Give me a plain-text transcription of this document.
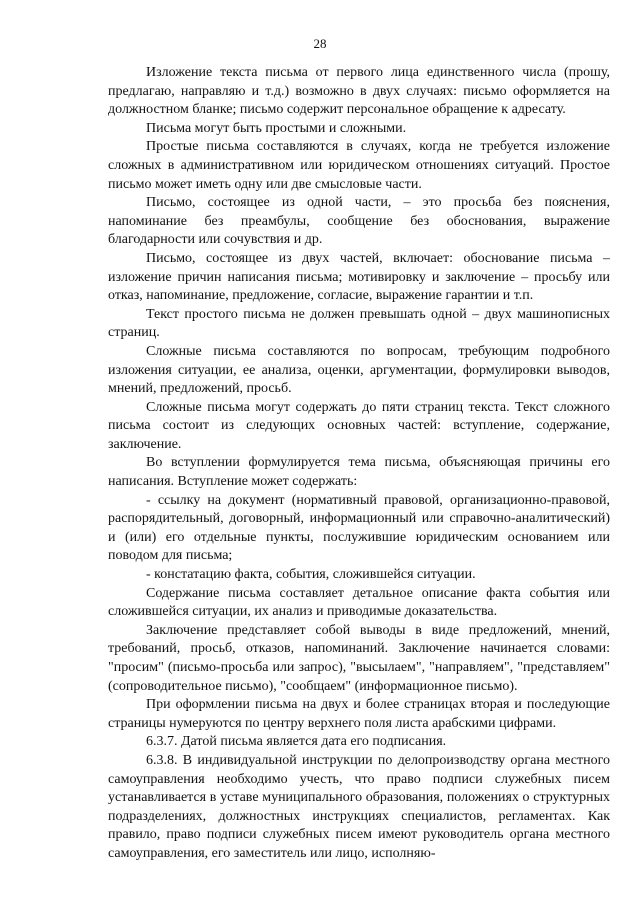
28

Изложение текста письма от первого лица единственного числа (прошу, предлагаю, направляю и т.д.) возможно в двух случаях: письмо оформляется на должностном бланке; письмо содержит персональное обращение к адресату.

Письма могут быть простыми и сложными.

Простые письма составляются в случаях, когда не требуется изложение сложных в административном или юридическом отношениях ситуаций. Простое письмо может иметь одну или две смысловые части.

Письмо, состоящее из одной части, – это просьба без пояснения, напоминание без преамбулы, сообщение без обоснования, выражение благодарности или сочувствия и др.

Письмо, состоящее из двух частей, включает: обоснование письма – изложение причин написания письма; мотивировку и заключение – просьбу или отказ, напоминание, предложение, согласие, выражение гарантии и т.п.

Текст простого письма не должен превышать одной – двух машинописных страниц.

Сложные письма составляются по вопросам, требующим подробного изложения ситуации, ее анализа, оценки, аргументации, формулировки выводов, мнений, предложений, просьб.

Сложные письма могут содержать до пяти страниц текста. Текст сложного письма состоит из следующих основных частей: вступление, содержание, заключение.

Во вступлении формулируется тема письма, объясняющая причины его написания. Вступление может содержать:

- ссылку на документ (нормативный правовой, организационно-правовой, распорядительный, договорный, информационный или справочно-аналитический) и (или) его отдельные пункты, послужившие юридическим основанием или поводом для письма;

- констатацию факта, события, сложившейся ситуации.

Содержание письма составляет детальное описание факта события или сложившейся ситуации, их анализ и приводимые доказательства.

Заключение представляет собой выводы в виде предложений, мнений, требований, просьб, отказов, напоминаний. Заключение начинается словами: "просим" (письмо-просьба или запрос), "высылаем", "направляем", "представляем" (сопроводительное письмо), "сообщаем" (информационное письмо).

При оформлении письма на двух и более страницах вторая и последующие страницы нумеруются по центру верхнего поля листа арабскими цифрами.

6.3.7. Датой письма является дата его подписания.

6.3.8. В индивидуальной инструкции по делопроизводству органа местного самоуправления необходимо учесть, что право подписи служебных писем устанавливается в уставе муниципального образования, положениях о структурных подразделениях, должностных инструкциях специалистов, регламентах. Как правило, право подписи служебных писем имеют руководитель органа местного самоуправления, его заместитель или лицо, исполняю-
